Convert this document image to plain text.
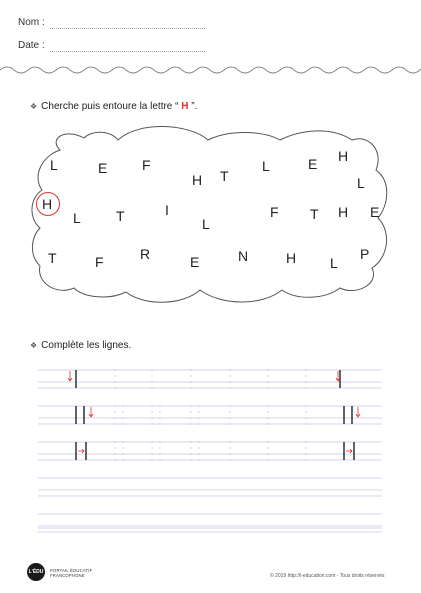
Nom :
Date :
❖ Cherche puis entoure la lettre “ H ”.
L	E F
H T
L	E H
L
H
L	T	I
L
F T H E
T	F	R	E	N	H L
P
❖ Complète les lignes.
L'ÉDU	PORTAIL ÉDUCATIF
FRANCOPHONE	© 2019 http://l-education.com - Tous droits réservés
